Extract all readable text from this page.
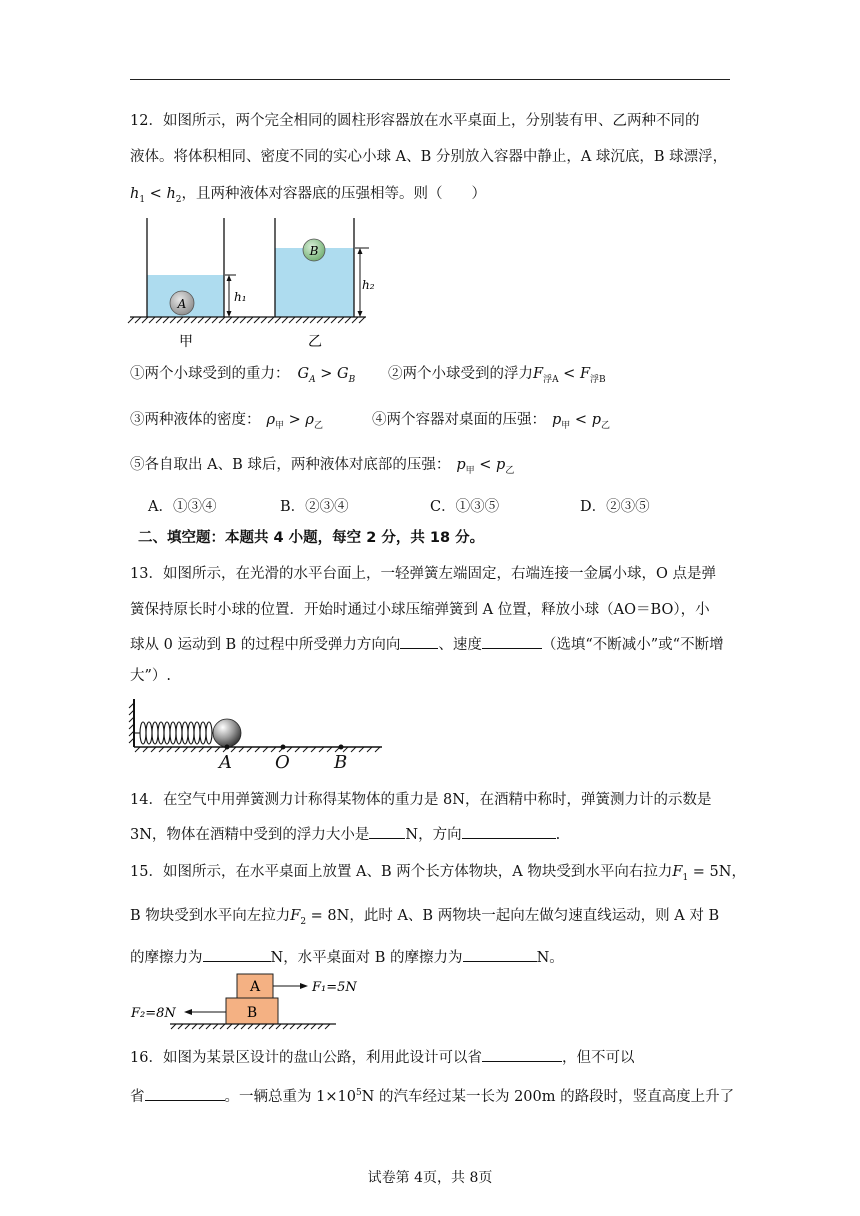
12．如图所示，两个完全相同的圆柱形容器放在水平桌面上，分别装有甲、乙两种不同的
液体。将体积相同、密度不同的实心小球 A、B 分别放入容器中静止，A 球沉底，B 球漂浮，
$h_1 < h_2$，且两种液体对容器底的压强相等。则（　　）
A
B
h₁
h₂
甲	乙
①两个小球受到的重力： $G_A > G_B$ ②两个小球受到的浮力$F_{浮A} < F_{浮B}$
③两种液体的密度： $\rho_甲 > \rho_乙$	④两个容器对桌面的压强： $p_甲 < p_乙$
⑤各自取出 A、B 球后，两种液体对底部的压强： $p_甲 < p_乙$
A．①③④	B．②③④	C．①③⑤	D．②③⑤
二、填空题：本题共 4 小题，每空 2 分，共 18 分。
13．如图所示，在光滑的水平台面上，一轻弹簧左端固定，右端连接一金属小球，O 点是弹
簧保持原长时小球的位置．开始时通过小球压缩弹簧到 A 位置，释放小球（AO＝BO），小
球从 0 运动到 B 的过程中所受弹力方向向	、速度	（选填“不断减小”或“不断增
大”）.
A O B
14．在空气中用弹簧测力计称得某物体的重力是 8N，在酒精中称时，弹簧测力计的示数是
3N，物体在酒精中受到的浮力大小是 N，方向	.
15．如图所示，在水平桌面上放置 A、B 两个长方体物块，A 物块受到水平向右拉力$F_1 = 5N$，
B 物块受到水平向左拉力$F_2 = 8N$，此时 A、B 两物块一起向左做匀速直线运动，则 A 对 B
的摩擦力为	N，水平桌面对 B 的摩擦力为	N。
A
B
F₁=5N
F₂=8N
16．如图为某景区设计的盘山公路，利用此设计可以省	，但不可以
省	。一辆总重为 $1\times 10^5N$ 的汽车经过某一长为 200m 的路段时，竖直高度上升了
试卷第 4页，共 8页
